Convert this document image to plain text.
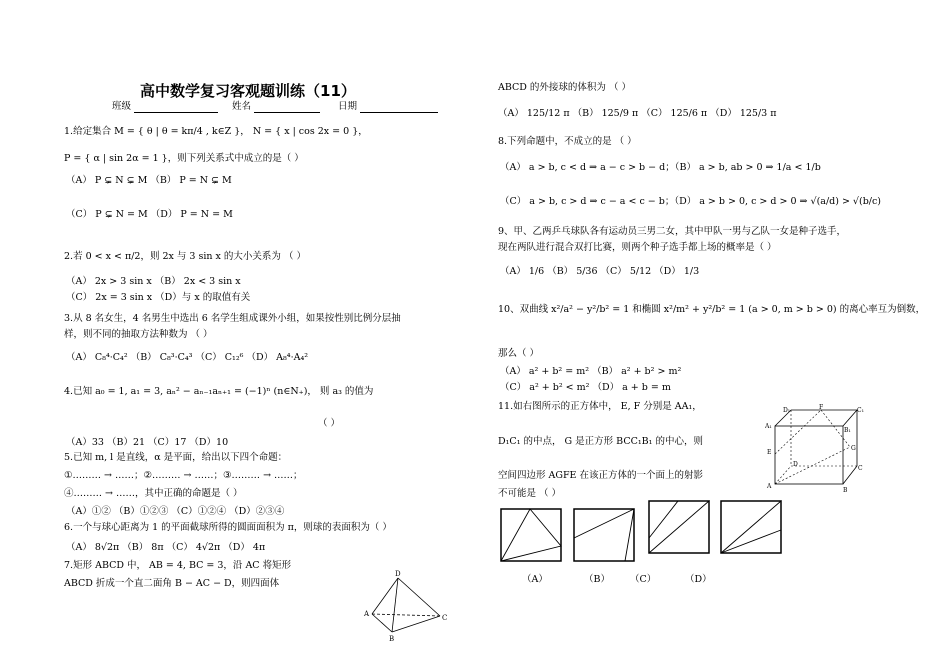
高中数学复习客观题训练（11）
班级	姓名	日期
1.给定集合 M = { θ | θ = kπ/4 , k∈Z }， N = { x | cos 2x = 0 }，
P = { α | sin 2α = 1 }，则下列关系式中成立的是（ ）
（A） P ⊊ N ⊊ M （B） P = N ⊊ M
（C） P ⊊ N = M （D） P = N = M
2.若 0 < x < π/2，则 2x 与 3 sin x 的大小关系为 （ ）
（A） 2x > 3 sin x （B） 2x < 3 sin x
（C） 2x = 3 sin x （D）与 x 的取值有关
3.从 8 名女生，4 名男生中选出 6 名学生组成课外小组，如果按性别比例分层抽
样，则不同的抽取方法种数为 （ ）
（A） C₈⁴·C₄² （B） C₈³·C₄³ （C） C₁₂⁶ （D） A₈⁴·A₄²
4.已知 a₀ = 1, a₁ = 3, aₙ² − aₙ₋₁aₙ₊₁ = (−1)ⁿ (n∈N₊)， 则 a₃ 的值为
（ ）
（A）33 （B）21 （C）17 （D）10
5.已知 m, l 是直线，α 是平面，给出以下四个命题：
①……… → ……；②……… → ……；③……… → ……；
④……… → ……，其中正确的命题是（ ）
（A）①② （B）①②③ （C）①②④ （D）②③④
6.一个与球心距离为 1 的平面截球所得的圆面面积为 π，则球的表面积为（ ）
（A） 8√2π （B） 8π （C） 4√2π （D） 4π
7.矩形 ABCD 中， AB = 4, BC = 3，沿 AC 将矩形
ABCD 折成一个直二面角 B − AC − D，则四面体
D
A
B
C
ABCD 的外接球的体积为 （ ）
（A） 125/12 π （B） 125/9 π （C） 125/6 π （D） 125/3 π
8.下列命题中，不成立的是 （ ）
（A） a > b, c < d ⇒ a − c > b − d；（B） a > b, ab > 0 ⇒ 1/a < 1/b
（C） a > b, c > d ⇒ c − a < c − b；（D） a > b > 0, c > d > 0 ⇒ √(a/d) > √(b/c)
9、甲、乙两乒乓球队各有运动员三男二女，其中甲队一男与乙队一女是种子选手，
现在两队进行混合双打比赛，则两个种子选手都上场的概率是（ ）
（A） 1/6 （B） 5/36 （C） 5/12 （D） 1/3
10、双曲线 x²/a² − y²/b² = 1 和椭圆 x²/m² + y²/b² = 1 (a > 0, m > b > 0) 的离心率互为倒数，
那么（ ）
（A） a² + b² = m² （B） a² + b² > m²
（C） a² + b² < m² （D） a + b = m
11.如右图所示的正方体中， E, F 分别是 AA₁，
D₁C₁ 的中点， G 是正方形 BCC₁B₁ 的中心，则
空间四边形 AGFE 在该正方体的一个面上的射影
不可能是 （ ）
D₁	F	C₁
A₁
B₁
E
G
D
C
A
B
（A）	（B） （C）	（D）
